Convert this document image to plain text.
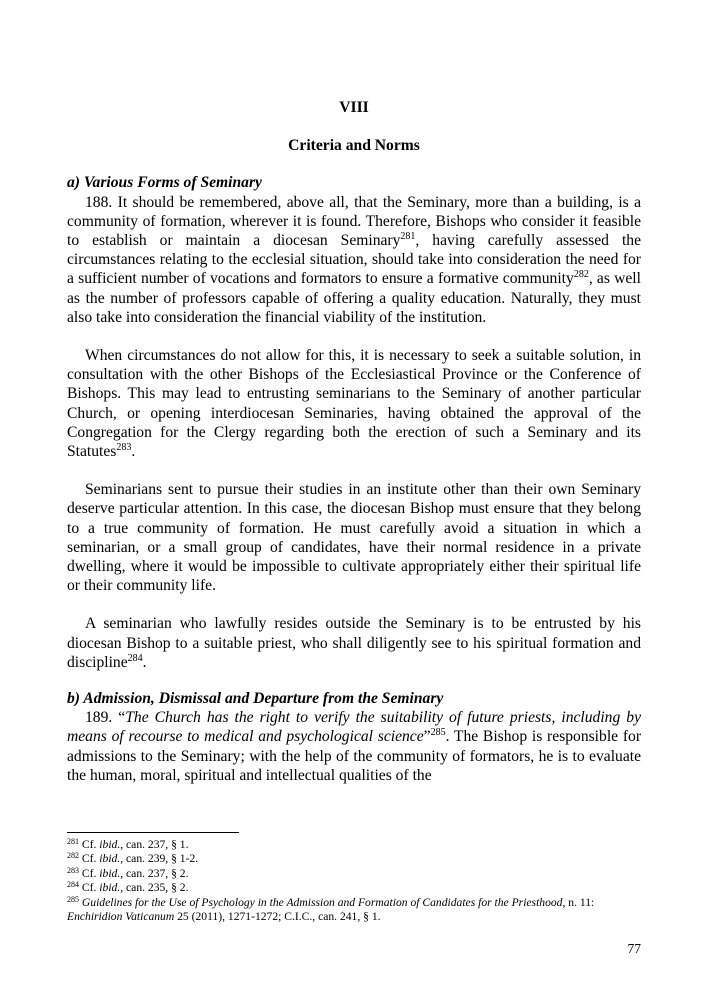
VIII

Criteria and Norms

a) Various Forms of Seminary

188. It should be remembered, above all, that the Seminary, more than a building, is a community of formation, wherever it is found. Therefore, Bishops who consider it feasible to establish or maintain a diocesan Seminary$^{281}$, having carefully assessed the circumstances relating to the ecclesial situation, should take into consideration the need for a sufficient number of vocations and formators to ensure a formative community$^{282}$, as well as the number of professors capable of offering a quality education. Naturally, they must also take into consideration the financial viability of the institution.

When circumstances do not allow for this, it is necessary to seek a suitable solution, in consultation with the other Bishops of the Ecclesiastical Province or the Conference of Bishops. This may lead to entrusting seminarians to the Seminary of another particular Church, or opening interdiocesan Seminaries, having obtained the approval of the Congregation for the Clergy regarding both the erection of such a Seminary and its Statutes$^{283}$.

Seminarians sent to pursue their studies in an institute other than their own Seminary deserve particular attention. In this case, the diocesan Bishop must ensure that they belong to a true community of formation. He must carefully avoid a situation in which a seminarian, or a small group of candidates, have their normal residence in a private dwelling, where it would be impossible to cultivate appropriately either their spiritual life or their community life.

A seminarian who lawfully resides outside the Seminary is to be entrusted by his diocesan Bishop to a suitable priest, who shall diligently see to his spiritual formation and discipline$^{284}$.

b) Admission, Dismissal and Departure from the Seminary

189. “The Church has the right to verify the suitability of future priests, including by means of recourse to medical and psychological science”$^{285}$. The Bishop is responsible for admissions to the Seminary; with the help of the community of formators, he is to evaluate the human, moral, spiritual and intellectual qualities of the

$^{281}$ Cf. ibid., can. 237, § 1.

$^{282}$ Cf. ibid., can. 239, § 1-2.

$^{283}$ Cf. ibid., can. 237, § 2.

$^{284}$ Cf. ibid., can. 235, § 2.

$^{285}$ Guidelines for the Use of Psychology in the Admission and Formation of Candidates for the Priesthood, n. 11: Enchiridion Vaticanum 25 (2011), 1271-1272; C.I.C., can. 241, § 1.

77
